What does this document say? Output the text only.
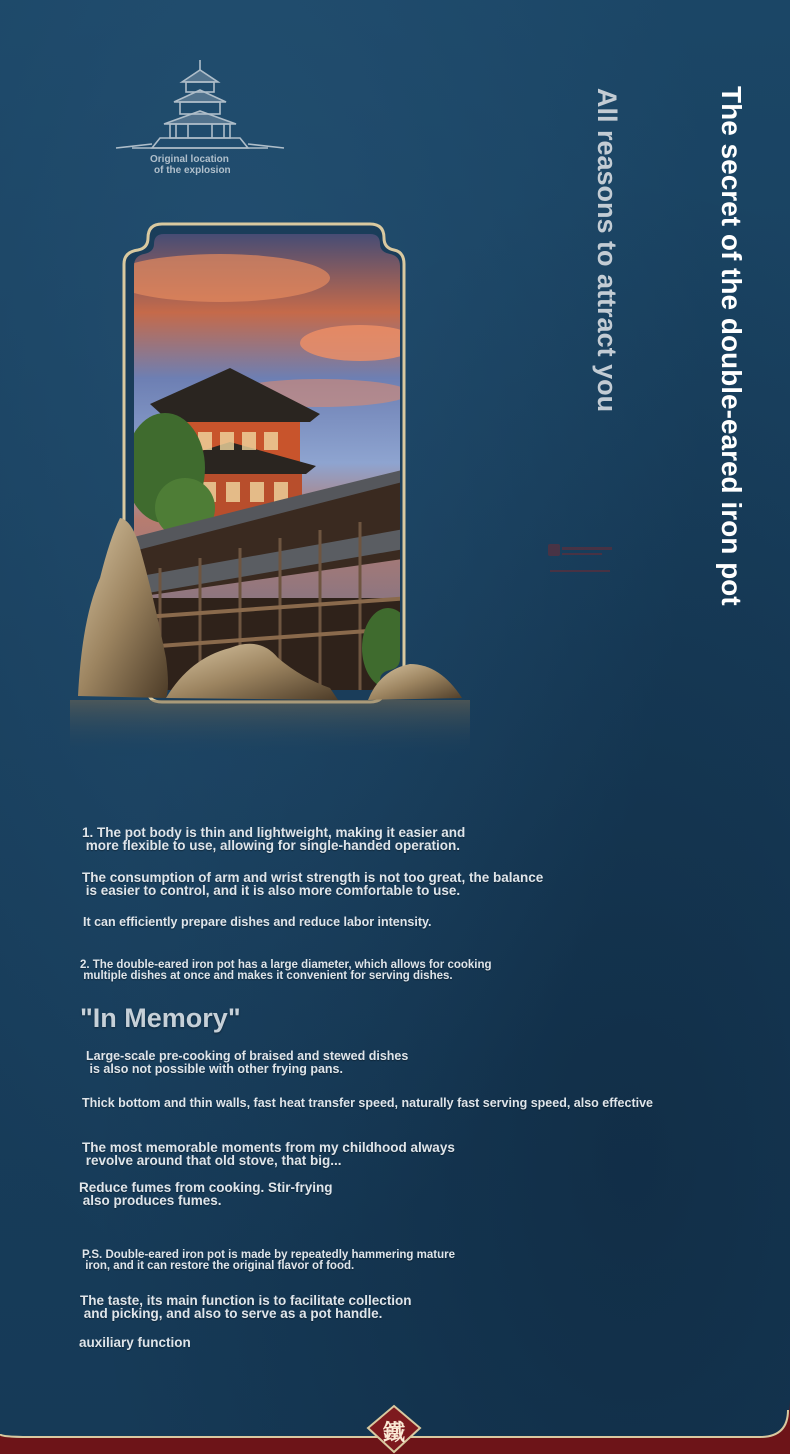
Original location
of the explosion	The secret of the double-eared iron pot
All reasons to attract you

1. The pot body is thin and lightweight, making it easier and
more flexible to use, allowing for single-handed operation.

The consumption of arm and wrist strength is not too great, the balance
is easier to control, and it is also more comfortable to use.

It can efficiently prepare dishes and reduce labor intensity.

2. The double-eared iron pot has a large diameter, which allows for cooking
multiple dishes at once and makes it convenient for serving dishes.

"In Memory"

Large-scale pre-cooking of braised and stewed dishes
is also not possible with other frying pans.

Thick bottom and thin walls, fast heat transfer speed, naturally fast serving speed, also effective

The most memorable moments from my childhood always
revolve around that old stove, that big...

Reduce fumes from cooking. Stir-frying
also produces fumes.

P.S. Double-eared iron pot is made by repeatedly hammering mature
iron, and it can restore the original flavor of food.

The taste, its main function is to facilitate collection
and picking, and also to serve as a pot handle.

auxiliary function

鐵
